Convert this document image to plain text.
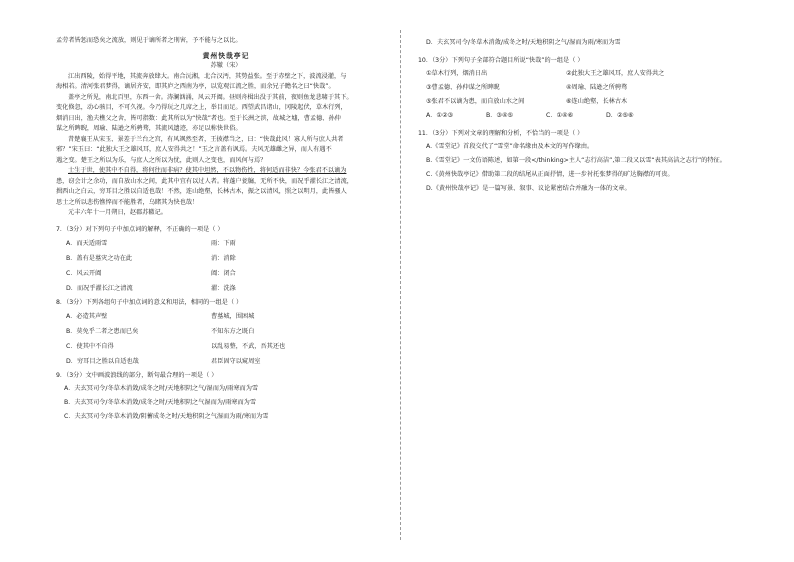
孟劳者皆惩而恐矣之流放，则见于谪所者之刑害，予不能与之以比。
黄州快哉亭记
苏辙（宋）
江出西陵，始得平地，其流奔放肆大。南合沅湘，北合汉沔，其势益张。至于赤壁之下，波流浸灌，与
海相若。清河张君梦得，谪居齐安，即其庐之西南为亭，以览观江流之胜，而余兄子瞻名之曰“快哉”。
盖亭之所见，南北百里，东西一舍。涛澜汹涌，风云开阖。昼则舟楫出没于其前，夜则鱼龙悲啸于其下。
变化倏忽，动心骇目，不可久视。今乃得玩之几席之上，举目而足。西望武昌诸山，冈陵起伏，草木行列，
烟消日出，渔夫樵父之舍，皆可指数：此其所以为“快哉”者也。至于长洲之滨，故城之墟，曹孟德、孙仲
谋之所睥睨，周瑜、陆逊之所骋骛，其流风遗迹，亦足以称快世俗。
昔楚襄王从宋玉、景差于兰台之宫，有风飒然至者，王披襟当之，曰：“快哉此风！寡人所与庶人共者
邪？”宋玉曰：“此独大王之雄风耳，庶人安得共之！”玉之言盖有讽焉。夫风无雄雌之异，而人有遇不
遇之变。楚王之所以为乐，与庶人之所以为忧，此则人之变也，而风何与焉？
士生于世，使其中不自得，将何往而非病？使其中坦然，不以物伤性，将何适而非快？今张君不以谪为
患，窃会计之余功，而自放山水之间，此其中宜有以过人者。将蓬户瓮牖，无所不快，而况乎濯长江之清流，
揖西山之白云，穷耳目之胜以自适也哉！不然，连山绝壑，长林古木，振之以清风，照之以明月，此皆骚人
思士之所以悲伤憔悴而不能胜者，乌睹其为快也哉！
元丰六年十一月朔日，赵郡苏辙记。
7．（3分）对下列句子中加点词的解释，不正确的一项是（ ）
A．而天适雨雪	雨：下雨
B．盖有是墓灾之功在此	消：消除
C．风云开阖	阖：闭合
D．而况乎濯长江之清流	濯：洗涤
8．（3分）下列各组句子中加点词的意义和用法，相同的一组是（ ）
A．必造其声壁	曹墓城，围困城
B．莫免乎二者之患而已矣	不知东方之既白
C．使其中不自得	以乱易整，不武，吾其还也
D．穷耳目之胜以自适也哉	君臣固守以窥周室
9．（3分）文中画波浪线的部分，断句最合理的一项是（ ）
A．夫玄冥司令/冬草木消敛/成冬之时/天地积阴之气/湿而为/雨寒而为雪
B．夫玄冥司令/冬草木消敛/成冬之时/天地积阴之气湿而为/雨寒而为雪
C．夫玄冥司令/冬草木消敛/阴蓄成冬之时/天地积阴之气湿而为雨/寒而为雪
D．夫玄冥司令/冬草木消敛/成冬之时/天地积阴之气/湿而为雨/寒而为雪
10．（3分）下列句子全部符合题目所说“快哉”的一组是（ ）
①草木行列，烟消日出	②此独大王之雄风耳，庶人安得共之
③曹孟德、孙仲谋之所睥睨	④周瑜、陆逊之所骋骛
⑤张君不以谪为患，而自放山水之间	⑥连山绝壑，长林古木
A．①②③	B．③④⑤	C．①④⑥	D．②⑤⑥
11．（3分）下列对文章的理解和分析，不恰当的一项是（ ）
A.《雪堂记》首段交代了“雪堂”命名缘由及本文的写作缘由。
B.《雪堂记》一文仿语陈述，如第一段</thinking>主人“志行高洁”,第二段又以雪“表其高洁之志行”的特征。
C.《黄州快哉亭记》借助第二段的结尾从正面抒情，进一步衬托张梦得的旷达胸襟的可贵。
D.《黄州快哉亭记》是一篇写景、叙事、议论紧密结合并融为一体的文章。
